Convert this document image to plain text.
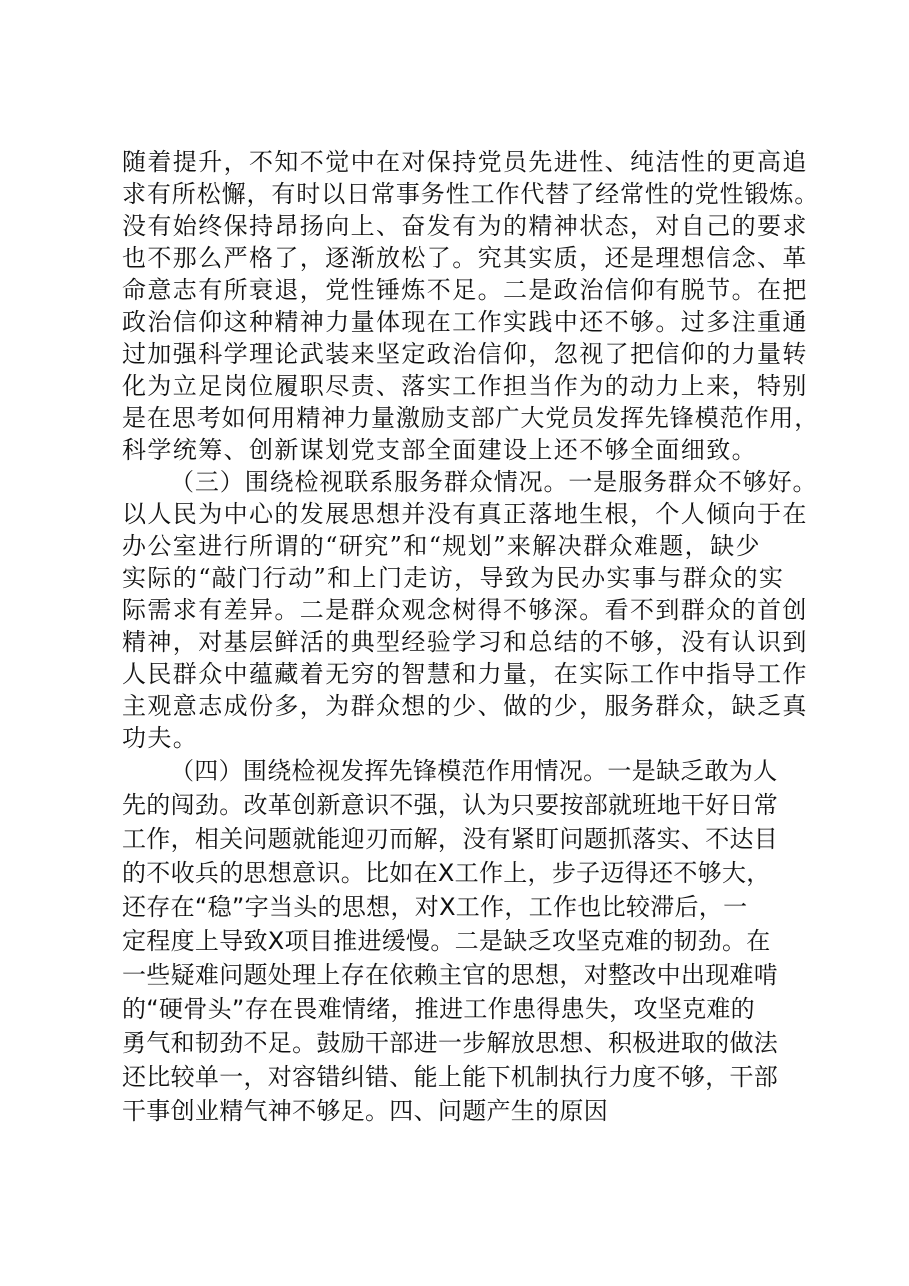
随着提升，不知不觉中在对保持党员先进性、纯洁性的更高追
求有所松懈，有时以日常事务性工作代替了经常性的党性锻炼。
没有始终保持昂扬向上、奋发有为的精神状态，对自己的要求
也不那么严格了，逐渐放松了。究其实质，还是理想信念、革
命意志有所衰退，党性锤炼不足。二是政治信仰有脱节。在把
政治信仰这种精神力量体现在工作实践中还不够。过多注重通
过加强科学理论武装来坚定政治信仰，忽视了把信仰的力量转
化为立足岗位履职尽责、落实工作担当作为的动力上来，特别
是在思考如何用精神力量激励支部广大党员发挥先锋模范作用，
科学统筹、创新谋划党支部全面建设上还不够全面细致。
（三）围绕检视联系服务群众情况。一是服务群众不够好。
以人民为中心的发展思想并没有真正落地生根，个人倾向于在
办公室进行所谓的“研究”和“规划”来解决群众难题，缺少
实际的“敲门行动”和上门走访，导致为民办实事与群众的实
际需求有差异。二是群众观念树得不够深。看不到群众的首创
精神，对基层鲜活的典型经验学习和总结的不够，没有认识到
人民群众中蕴藏着无穷的智慧和力量，在实际工作中指导工作
主观意志成份多，为群众想的少、做的少，服务群众，缺乏真
功夫。
（四）围绕检视发挥先锋模范作用情况。一是缺乏敢为人
先的闯劲。改革创新意识不强，认为只要按部就班地干好日常
工作，相关问题就能迎刃而解，没有紧盯问题抓落实、不达目
的不收兵的思想意识。比如在X工作上，步子迈得还不够大，
还存在“稳”字当头的思想，对X工作，工作也比较滞后，一
定程度上导致X项目推进缓慢。二是缺乏攻坚克难的韧劲。在
一些疑难问题处理上存在依赖主官的思想，对整改中出现难啃
的“硬骨头”存在畏难情绪，推进工作患得患失，攻坚克难的
勇气和韧劲不足。鼓励干部进一步解放思想、积极进取的做法
还比较单一，对容错纠错、能上能下机制执行力度不够，干部
干事创业精气神不够足。四、问题产生的原因
